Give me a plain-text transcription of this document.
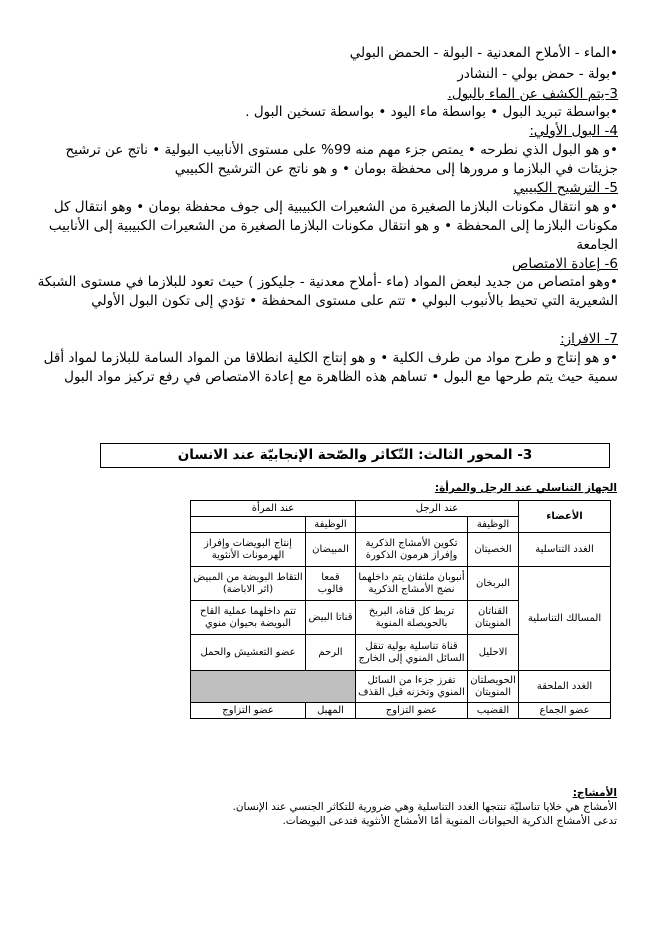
•الماء - الأملاح المعدنية - البولة - الحمض البولي
•بولة - حمض بولي - النشادر
3-يتم الكشف عن الماء بالبول.
•بواسطة تبريد البول • بواسطة ماء اليود • بواسطة تسخين البول .
4- البول الأولي:
•و هو البول الذي نطرحه • يمتص جزء مهم منه 99% على مستوى الأنابيب البولية • ناتج عن ترشيح جزيئات في البلازما و مرورها إلى محفظة بومان • و هو ناتج عن الترشيح الكبيبي
5- الترشيح الكبيبي
•و هو انتقال مكونات البلازما الصغيرة من الشعيرات الكبيبية إلى جوف محفظة بومان • وهو انتقال كل مكونات البلازما إلى المحفظة • و هو انتقال مكونات البلازما الصغيرة من الشعيرات الكبيبية إلى الأنابيب الجامعة
6- إعادة الامتصاص
•وهو امتصاص من جديد لبعض المواد (ماء -أملاح معدنية - جليكوز ) حيث تعود للبلازما في مستوى الشبكة الشعيرية التي تحيط بالأنبوب البولي • تتم على مستوى المحفظة • تؤدي إلى تكون البول الأولي
7- الافراز:
•و هو إنتاج و طرح مواد من طرف الكلية • و هو إنتاج الكلية انطلاقا من المواد السامة للبلازما لمواد أقل سمية حيث يتم طرحها مع البول • تساهم هذه الظاهرة مع إعادة الامتصاص في رفع تركيز مواد البول
3- المحور الثالث: التّكاثر والصّحة الإنجابيّة عند الانسان
الجهاز التناسلي عند الرجل والمرأة:
الأعضاء	عند الرجل		عند المرأة	
	الوظيفة		الوظيفة	
الغدد التناسلية	الخصيتان	تكوين الأمشاج الذكرية وإفراز هرمون الذكورة	المبيضان	إنتاج البويضات وإفراز الهرمونات الأنثوية
المسالك التناسلية	البربخان	أنبوبان ملتفان يتم داخلهما نضج الأمشاج الذكرية	قمعا فالوب	التقاط البويضة من المبيض (اثر الاباضة)
	القناتان المنويتان	تربط كل قناة، البربخ بالحويصلة المنوية	قناتا البيض	تتم داخلهما عملية القاح البويضة بحيوان منوي
	الاحليل	قناة تناسلية بولية تنقل السائل المنوي إلى الخارج	الرحم	عضو التعشيش والحمل
الغدد الملحقة	الحويصلتان المنويتان	تفرز جزءا من السائل المنوي وتخزنه قبل القذف		
عضو الجماع	القضيب	عضو التزاوج	المهبل	عضو التزاوج
الأمشاج:
الأمشاج هي خلايا تناسليّة تنتجها الغدد التناسلية وهي ضرورية للتكاثر الجنسي عند الإنسان.
تدعى الأمشاج الذكرية الحيوانات المنوية أمّا الأمشاج الأنثوية فتدعى البويضات.
